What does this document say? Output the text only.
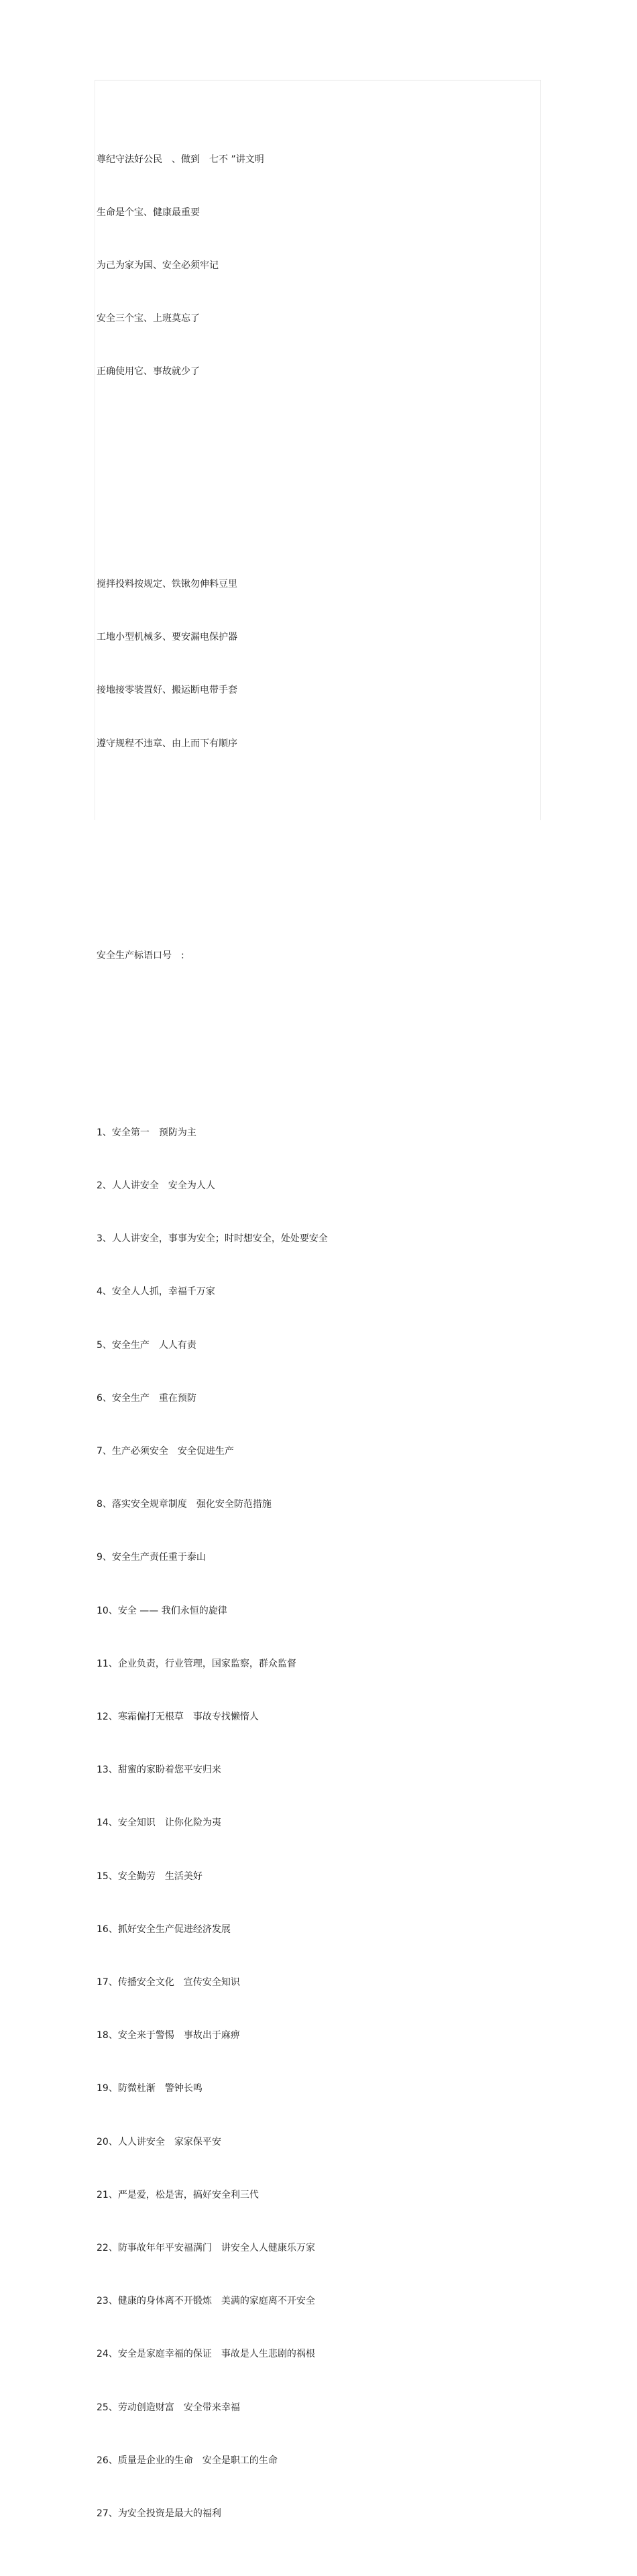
尊纪守法好公民　、做到　七不 ”讲文明

生命是个宝、健康最重要

为己为家为国、安全必须牢记

安全三个宝、上班莫忘了

正确使用它、事故就少了

搅拌投料按规定、铁锹勿伸料豆里

工地小型机械多、要安漏电保护器

接地接零装置好、搬运断电带手套

遵守规程不违章、由上而下有顺序

安全生产标语口号　:

1、安全第一　预防为主

2、人人讲安全　安全为人人

3、人人讲安全，事事为安全；时时想安全，处处要安全

4、安全人人抓，幸福千万家

5、安全生产　人人有责

6、安全生产　重在预防

7、生产必须安全　安全促进生产

8、落实安全规章制度　强化安全防范措施

9、安全生产责任重于泰山

10、安全 —— 我们永恒的旋律

11、企业负责，行业管理，国家监察，群众监督

12、寒霜偏打无根草　事故专找懒惰人

13、甜蜜的家盼着您平安归来

14、安全知识　让你化险为夷

15、安全勤劳　生活美好

16、抓好安全生产促进经济发展

17、传播安全文化　宣传安全知识

18、安全来于警惕　事故出于麻痹

19、防微杜渐　警钟长鸣

20、人人讲安全　家家保平安

21、严是爱，松是害，搞好安全利三代

22、防事故年年平安福满门　讲安全人人健康乐万家

23、健康的身体离不开锻炼　美满的家庭离不开安全

24、安全是家庭幸福的保证　事故是人生悲剧的祸根

25、劳动创造财富　安全带来幸福

26、质量是企业的生命　安全是职工的生命

27、为安全投资是最大的福利
